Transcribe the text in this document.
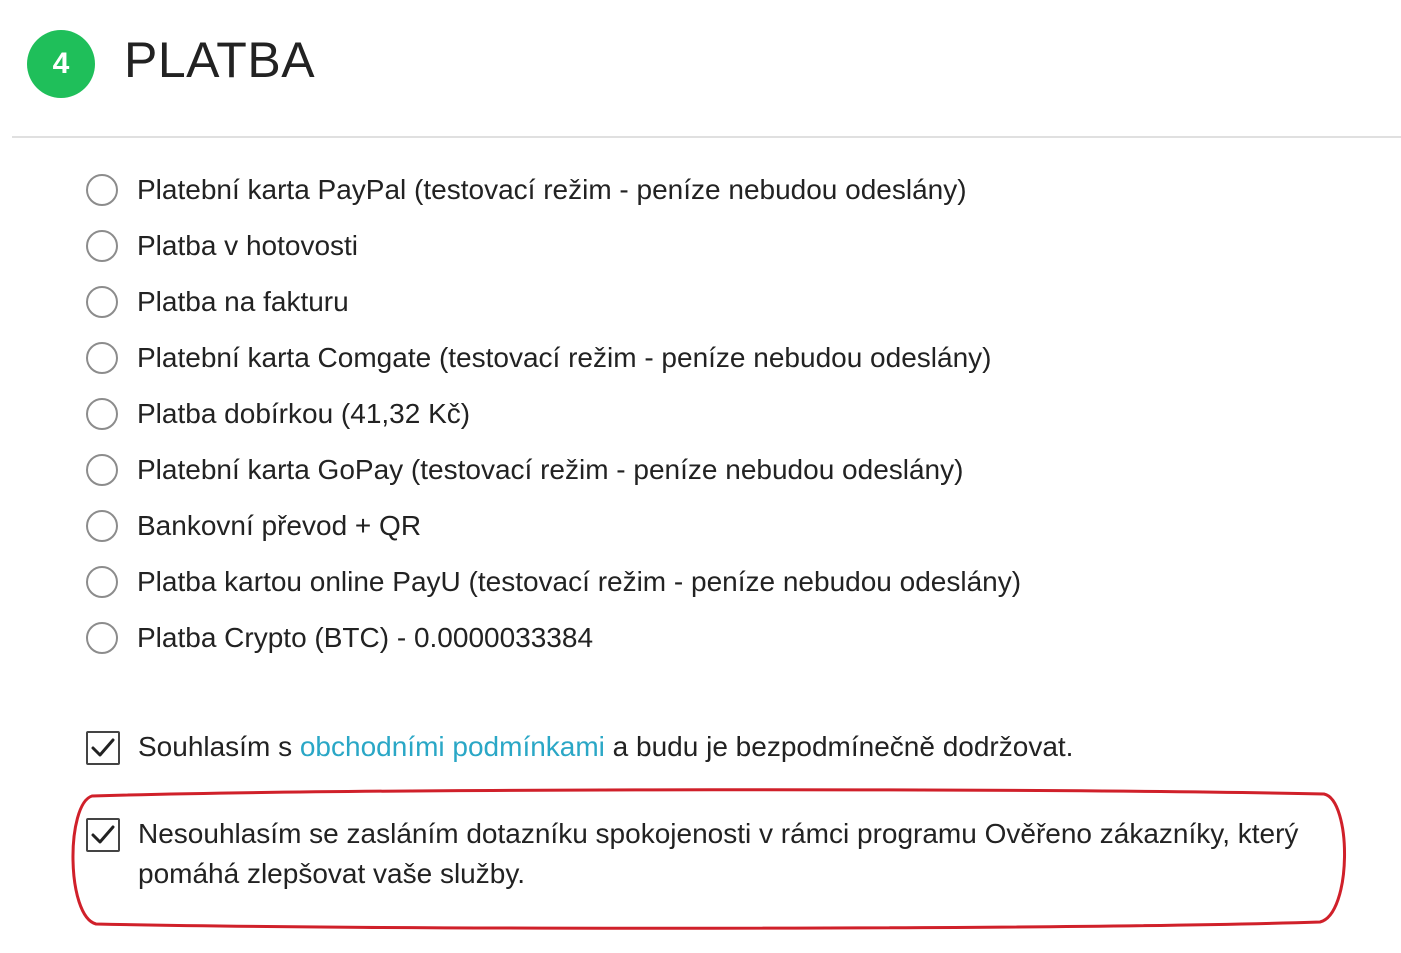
4 PLATBA
Platební karta PayPal (testovací režim - peníze nebudou odeslány)
Platba v hotovosti
Platba na fakturu
Platební karta Comgate (testovací režim - peníze nebudou odeslány)
Platba dobírkou (41,32 Kč)
Platební karta GoPay (testovací režim - peníze nebudou odeslány)
Bankovní převod + QR
Platba kartou online PayU (testovací režim - peníze nebudou odeslány)
Platba Crypto (BTC) - 0.0000033384
Souhlasím s obchodními podmínkami a budu je bezpodmínečně dodržovat.
Nesouhlasím se zasláním dotazníku spokojenosti v rámci programu Ověřeno zákazníky, který pomáhá zlepšovat vaše služby.
